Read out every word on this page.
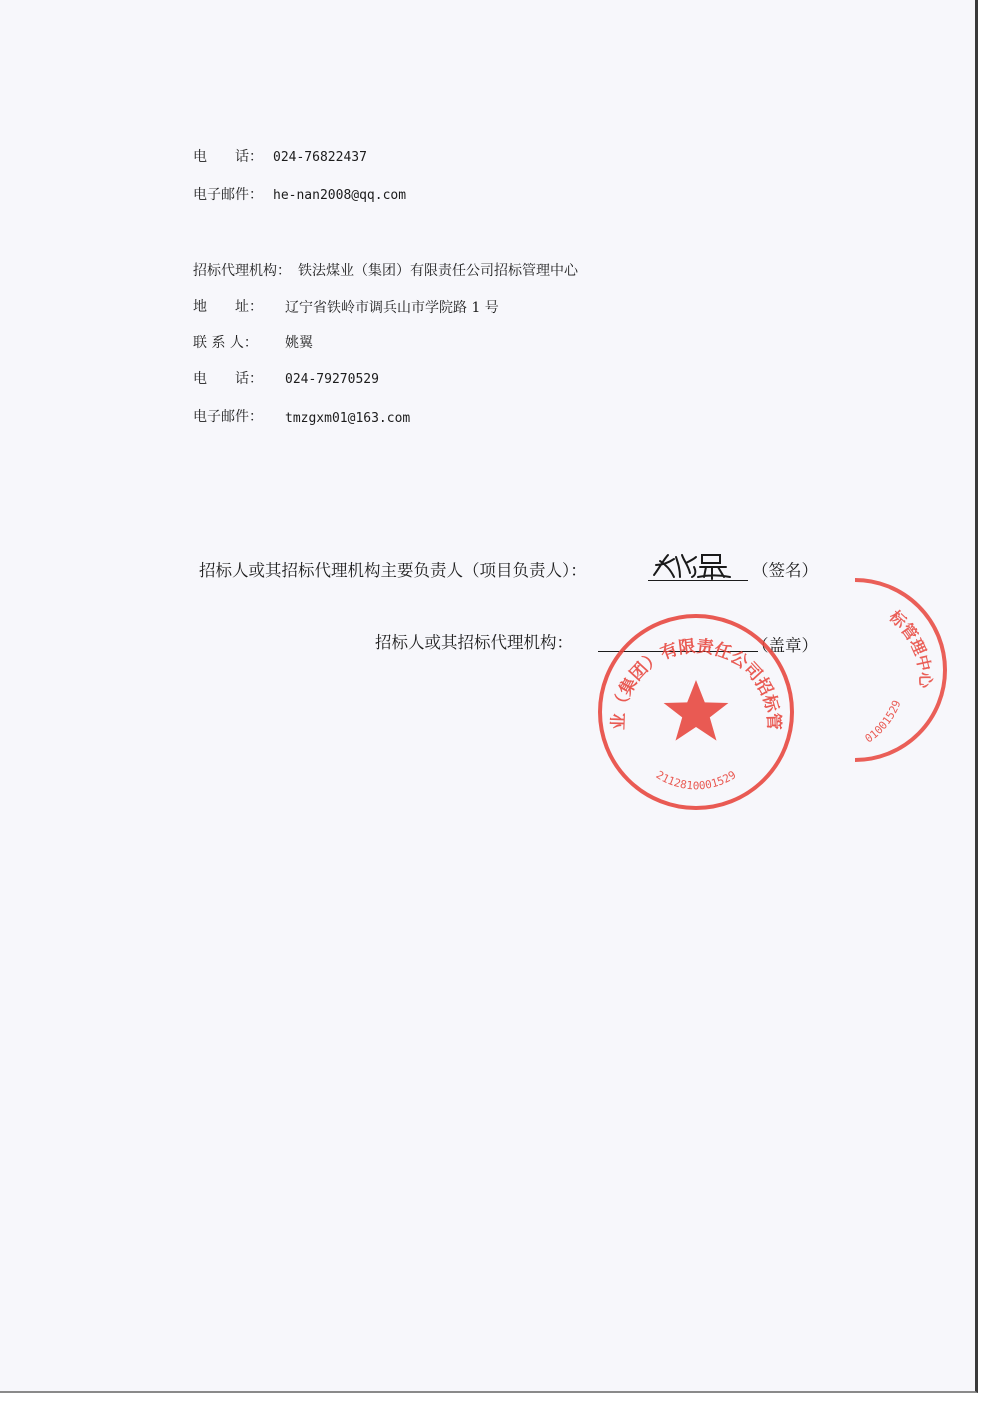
电　　话： 024-76822437
电子邮件： he-nan2008@qq.com
招标代理机构： 铁法煤业（集团）有限责任公司招标管理中心
地　　址： 辽宁省铁岭市调兵山市学院路 1 号
联 系 人： 姚翼
电　　话： 024-79270529
电子邮件： tmzgxm01@163.com
招标人或其招标代理机构主要负责人（项目负责人）：	（签名）
招标人或其招标代理机构：	（盖章）
铁法煤业（集团）有限责任公司招标管理中心
2112810001529
标管理中心
01001529
